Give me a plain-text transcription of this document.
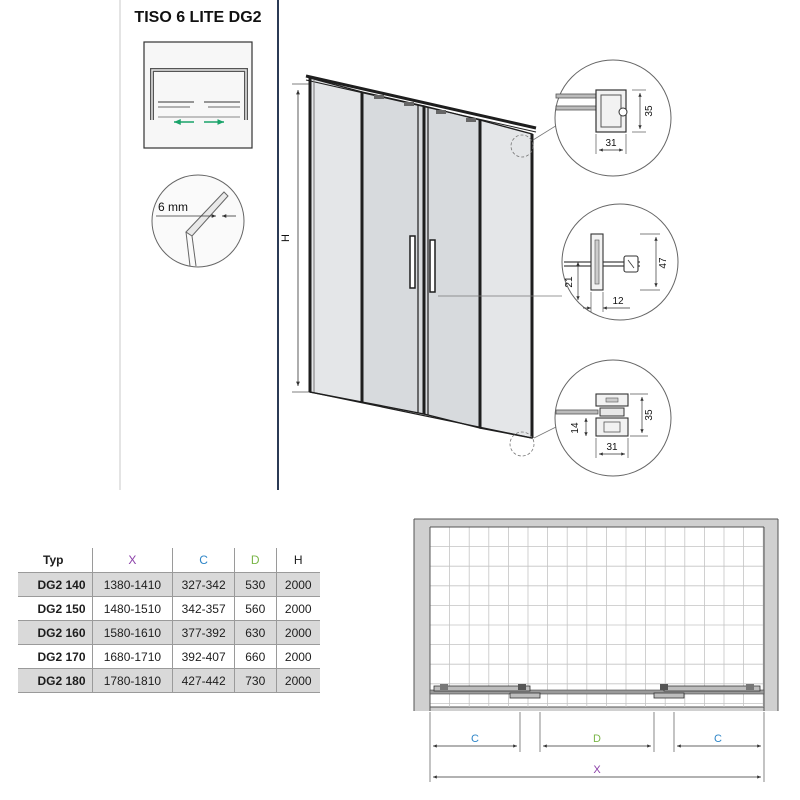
TISO 6 LITE DG2
6 mm
H
35
31
47
21
12
35
14
31
C	D	C
X
Typ	X	C	D	H
DG2 140	1380-1410	327-342	530	2000
DG2 150	1480-1510	342-357	560	2000
DG2 160	1580-1610	377-392	630	2000
DG2 170	1680-1710	392-407	660	2000
DG2 180	1780-1810	427-442	730	2000
